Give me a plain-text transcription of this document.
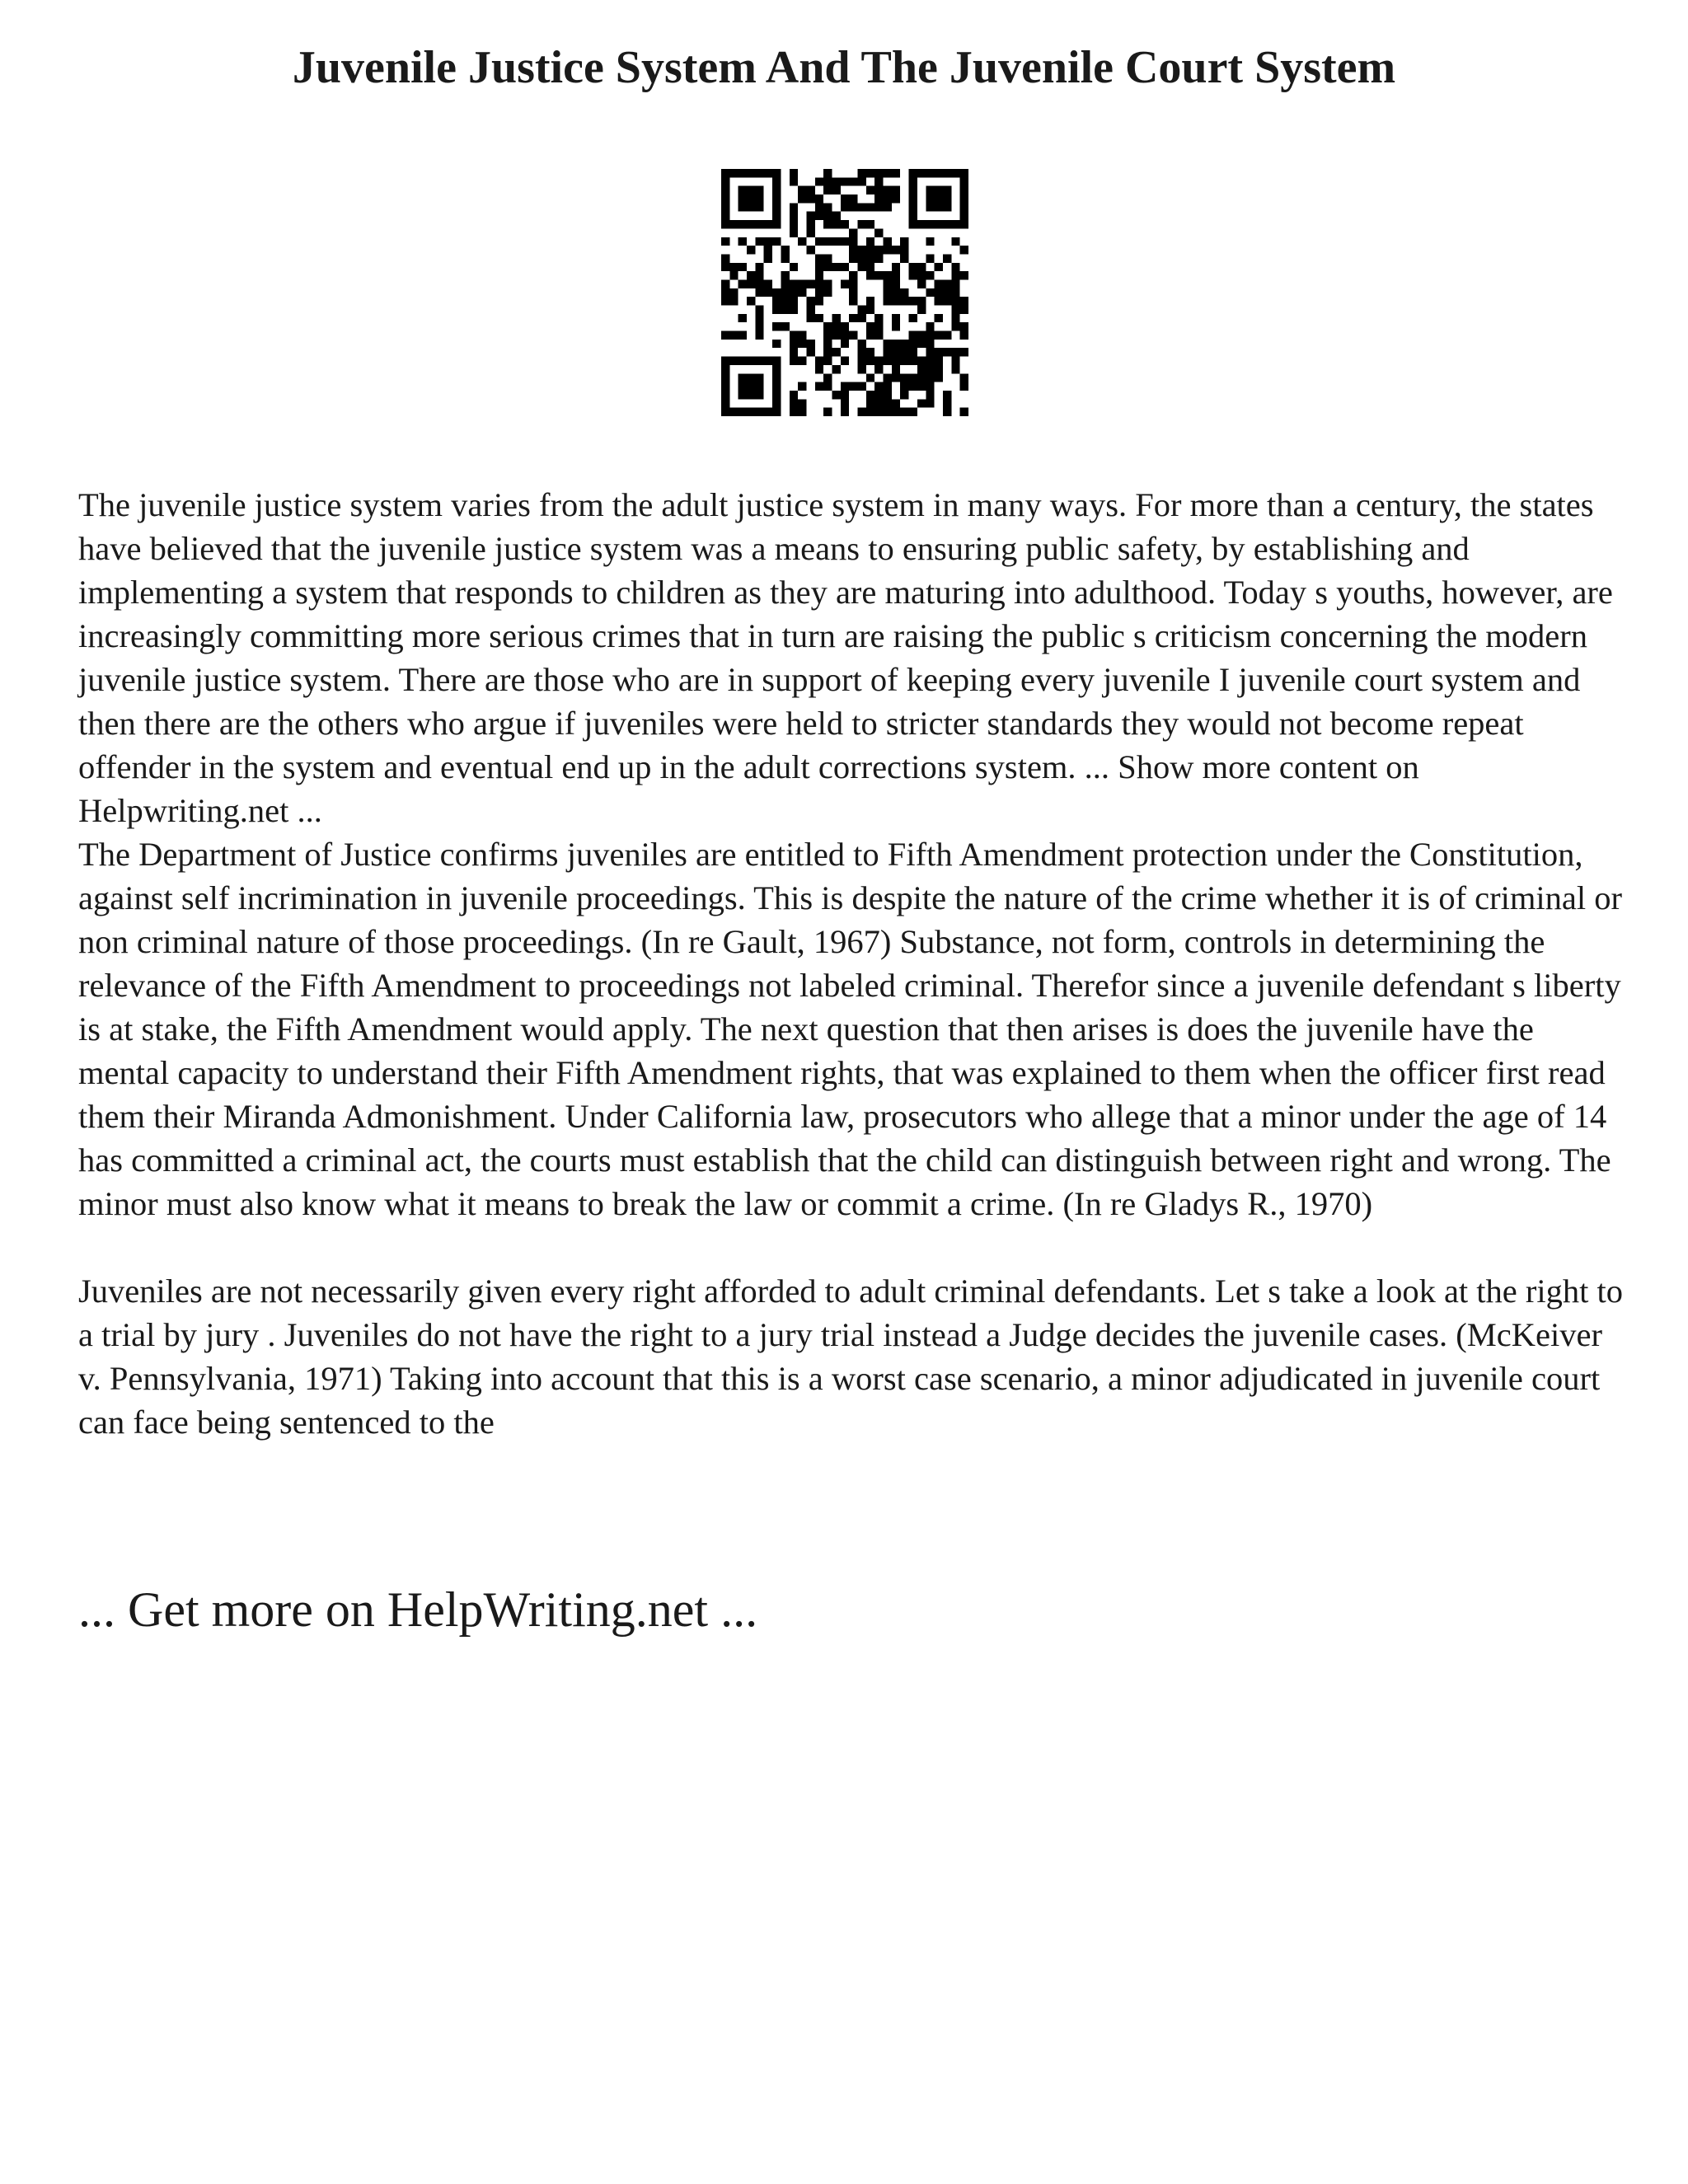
Juvenile Justice System And The Juvenile Court System

The juvenile justice system varies from the adult justice system in many ways. For more than a century, the states have believed that the juvenile justice system was a means to ensuring public safety, by establishing and implementing a system that responds to children as they are maturing into adulthood. Today s youths, however, are increasingly committing more serious crimes that in turn are raising the public s criticism concerning the modern juvenile justice system. There are those who are in support of keeping every juvenile I juvenile court system and then there are the others who argue if juveniles were held to stricter standards they would not become repeat offender in the system and eventual end up in the adult corrections system. ... Show more content on Helpwriting.net ...

The Department of Justice confirms juveniles are entitled to Fifth Amendment protection under the Constitution, against self incrimination in juvenile proceedings. This is despite the nature of the crime whether it is of criminal or non criminal nature of those proceedings. (In re Gault, 1967) Substance, not form, controls in determining the relevance of the Fifth Amendment to proceedings not labeled criminal. Therefor since a juvenile defendant s liberty is at stake, the Fifth Amendment would apply. The next question that then arises is does the juvenile have the mental capacity to understand their Fifth Amendment rights, that was explained to them when the officer first read them their Miranda Admonishment. Under California law, prosecutors who allege that a minor under the age of 14 has committed a criminal act, the courts must establish that the child can distinguish between right and wrong. The minor must also know what it means to break the law or commit a crime. (In re Gladys R., 1970)

Juveniles are not necessarily given every right afforded to adult criminal defendants. Let s take a look at the right to a trial by jury . Juveniles do not have the right to a jury trial instead a Judge decides the juvenile cases. (McKeiver v. Pennsylvania, 1971) Taking into account that this is a worst case scenario, a minor adjudicated in juvenile court can face being sentenced to the

... Get more on HelpWriting.net ...
